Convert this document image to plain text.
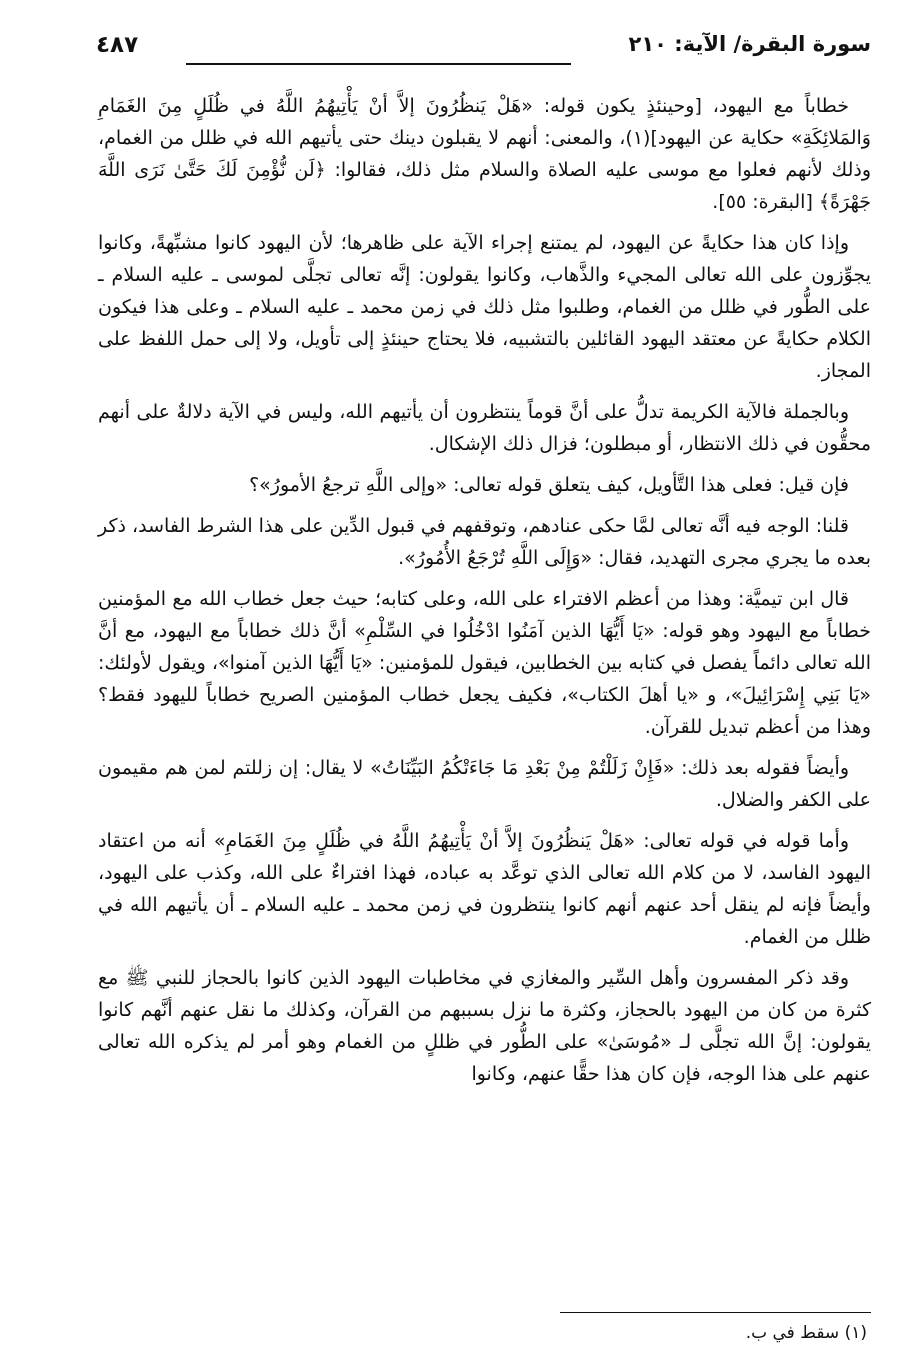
سورة البقرة/ الآية: ٢١٠
٤٨٧

خطاباً مع اليهود، [وحينئذٍ يكون قوله: «هَلْ يَنظُرُونَ إلاَّ أنْ يَأْتِيهُمُ اللَّهُ في ظُلَلٍ مِنَ الغَمَامِ وَالمَلائِكَةِ» حكاية عن اليهود](١)، والمعنى: أنهم لا يقبلون دينك حتى يأتيهم الله في ظلل من الغمام، وذلك لأنهم فعلوا مع موسى عليه الصلاة والسلام مثل ذلك، فقالوا: ﴿لَن نُّؤْمِنَ لَكَ حَتَّىٰ نَرَى اللَّهَ جَهْرَةً﴾ [البقرة: ٥٥].

وإذا كان هذا حكايةً عن اليهود، لم يمتنع إجراء الآية على ظاهرها؛ لأن اليهود كانوا مشبِّهةً، وكانوا يجوِّزون على الله تعالى المجيء والذَّهاب، وكانوا يقولون: إنَّه تعالى تجلَّى لموسى ـ عليه السلام ـ على الطُّور في ظلل من الغمام، وطلبوا مثل ذلك في زمن محمد ـ عليه السلام ـ وعلى هذا فيكون الكلام حكايةً عن معتقد اليهود القائلين بالتشبيه، فلا يحتاج حينئذٍ إلى تأويل، ولا إلى حمل اللفظ على المجاز.

وبالجملة فالآية الكريمة تدلُّ على أنَّ قوماً ينتظرون أن يأتيهم الله، وليس في الآية دلالةٌ على أنهم محقُّون في ذلك الانتظار، أو مبطلون؛ فزال ذلك الإشكال.

فإن قيل: فعلى هذا التَّأويل، كيف يتعلق قوله تعالى: «وإلى اللَّهِ ترجعُ الأمورُ»؟

قلنا: الوجه فيه أنَّه تعالى لمَّا حكى عنادهم، وتوقفهم في قبول الدِّين على هذا الشرط الفاسد، ذكر بعده ما يجري مجرى التهديد، فقال: «وَإِلَى اللَّهِ تُرْجَعُ الأُمُورُ».

قال ابن تيميَّة: وهذا من أعظم الافتراء على الله، وعلى كتابه؛ حيث جعل خطاب الله مع المؤمنين خطاباً مع اليهود وهو قوله: «يَا أَيُّهَا الذين آمَنُوا ادْخُلُوا في السِّلْمِ» أنَّ ذلك خطاباً مع اليهود، مع أنَّ الله تعالى دائماً يفصل في كتابه بين الخطابين، فيقول للمؤمنين: «يَا أَيُّهَا الذين آمنوا»، ويقول لأولئك: «يَا بَنِي إِسْرَائِيلَ»، و «يا أهلَ الكتاب»، فكيف يجعل خطاب المؤمنين الصريح خطاباً لليهود فقط؟ وهذا من أعظم تبديل للقرآن.

وأيضاً فقوله بعد ذلك: «فَإِنْ زَلَلْتُمْ مِنْ بَعْدِ مَا جَاءَتْكُمُ البَيِّنَاتُ» لا يقال: إن زللتم لمن هم مقيمون على الكفر والضلال.

وأما قوله في قوله تعالى: «هَلْ يَنظُرُونَ إلاَّ أنْ يَأْتِيهُمُ اللَّهُ في ظُلَلٍ مِنَ الغَمَامِ» أنه من اعتقاد اليهود الفاسد، لا من كلام الله تعالى الذي توعَّد به عباده، فهذا افتراءٌ على الله، وكذب على اليهود، وأيضاً فإنه لم ينقل أحد عنهم أنهم كانوا ينتظرون في زمن محمد ـ عليه السلام ـ أن يأتيهم الله في ظلل من الغمام.

وقد ذكر المفسرون وأهل السِّير والمغازي في مخاطبات اليهود الذين كانوا بالحجاز للنبي ﷺ مع كثرة من كان من اليهود بالحجاز، وكثرة ما نزل بسببهم من القرآن، وكذلك ما نقل عنهم أنَّهم كانوا يقولون: إنَّ الله تجلَّى لـ «مُوسَىٰ» على الطُّور في ظللٍ من الغمام وهو أمر لم يذكره الله تعالى عنهم على هذا الوجه، فإن كان هذا حقًّا عنهم، وكانوا

(١) سقط في ب.
